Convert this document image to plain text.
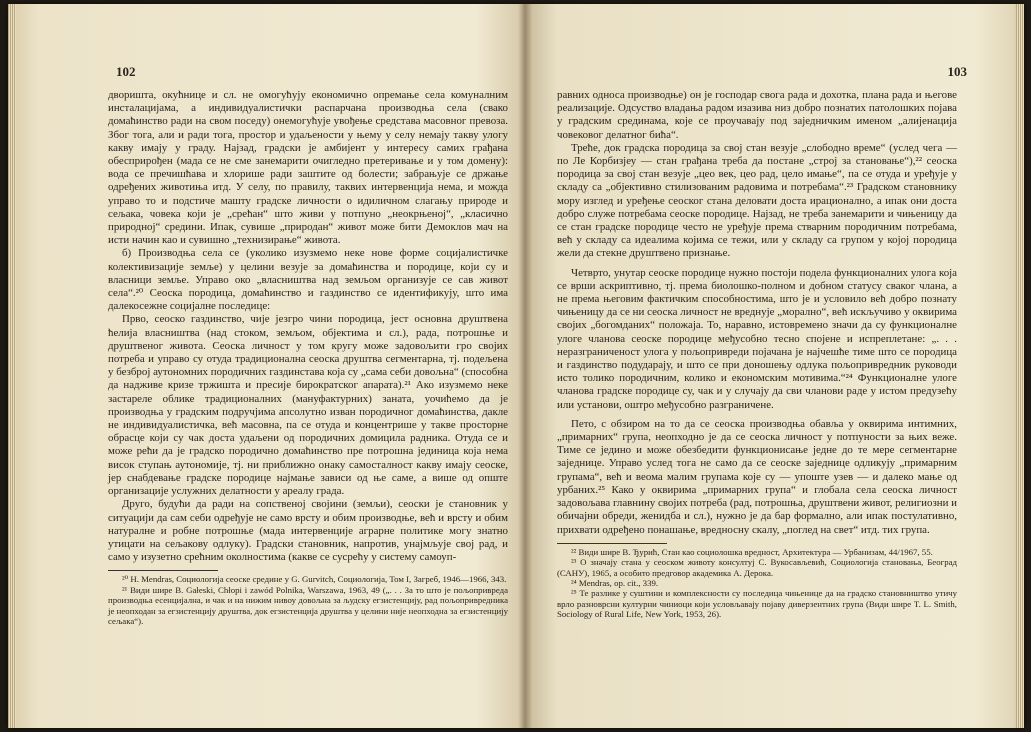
102

дворишта, окућнице и сл. не омогућују економично опремање села комуналним инсталацијама, а индивидуалистички распарчана производња села (свако домаћинство ради на свом поседу) онемогућује увођење средстава масовног превоза. Због тога, али и ради тога, простор и удаљености у њему у селу немају такву улогу какву имају у граду. Најзад, градски је амбијент у интересу самих грађана обесприрођен (мада се не сме занемарити очигледно претеривање и у том домену): вода се пречишћава и хлорише ради заштите од болести; забрањује се држање одређених животиња итд. У селу, по правилу, таквих интервенција нема, и можда управо то и подстиче машту градске личности о идиличном слагању природе и сељака, човека који је „срећан“ што живи у потпуно „неокрњеној“, „класично природној“ средини. Ипак, сувише „природан“ живот може бити Демоклов мач на исти начин као и сувишно „технизирање“ живота.

б) Производња села се (уколико изузмемо неке нове форме социјалистичке колективизације земље) у целини везује за домаћинства и породице, који су и власници земље. Управо око „власништва над земљом организује се сав живот села“.²⁰ Сеоска породица, домаћинство и газдинство се идентификују, што има далекосежне социјалне последице:

Прво, сеоско газдинство, чије језгро чини породица, јест основна друштвена ћелија власништва (над стоком, земљом, објектима и сл.), рада, потрошње и друштвеног живота. Сеоска личност у том кругу може задовољити гро својих потреба и управо су отуда традиционална сеоска друштва сегментарна, тј. подељена у безброј аутономних породичних газдинстава која су „сама себи довољна“ (способна да надживе кризе тржишта и пресије бирократског апарата).²¹ Ако изузмемо неке застареле облике традиционалних (мануфактурних) заната, уочићемо да је производња у градским подручјима апсолутно изван породичног домаћинства, дакле не индивидуалистичка, већ масовна, па се отуда и концентрише у такве просторне обрасце који су чак доста удаљени од породичних домицила радника. Отуда се и може рећи да је градско породично домаћинство пре потрошна јединица која нема висок ступањ аутономије, тј. ни приближно онаку самосталност какву имају сеоске, јер снабдевање градске породице најмање зависи од ње саме, а више од опште организације услужних делатности у ареалу града.

Друго, будући да ради на сопственој својини (земљи), сеоски је становник у ситуацији да сам себи одређује не само врсту и обим производње, већ и врсту и обим натуралне и робне потрошње (мада интервенције аграрне политике могу знатно утицати на сељакову одлуку). Градски становник, напротив, унајмљује свој рад, и само у изузетно срећним околностима (какве се сусрећу у систему самоуп-

²⁰ H. Mendras, Социологија сеоске средине у G. Gurvitch, Социологија, Том I, Загреб, 1946—1966, 343.

²¹ Види шире B. Gałeski, Chłopi i zawód Polnika, Warszawa, 1963, 49 („. . . За то што је пољопривреда производња есенцијална, и чак и на нижим нивоу довољна за људску егзистенцију, рад пољопривредника је неопходан за егзистенцију друштва, док егзистенција друштва у целини није неопходна за егзистенцију сељака“).

103

равних односа производње) он је господар свога рада и дохотка, плана рада и његове реализације. Одсуство владања радом изазива низ добро познатих патолошких појава у градским срединама, које се проучавају под заједничким именом „алијенација човековог делатног бића“.

Треће, док градска породица за свој стан везује „слободно време“ (услед чега — по Ле Корбизјеу — стан грађана треба да постане „строј за становање“),²² сеоска породица за свој стан везује „цео век, цео рад, цело имање“, па се отуда и уређује у складу са „објективно стилизованим радовима и потребама“.²³ Градском становнику мору изглед и уређење сеоског стана деловати доста ирационално, а ипак они доста добро служе потребама сеоске породице. Најзад, не треба занемарити и чињеницу да се стан градске породице често не уређује према стварним породичним потребама, већ у складу са идеалима којима се тежи, или у складу са групом у којој породица жели да стекне друштвено признање.

Четврто, унутар сеоске породице нужно постоји подела функционалних улога која се врши аскриптивно, тј. према биолошко-полном и добном статусу сваког члана, а не према његовим фактичким способностима, што је и условило већ добро познату чињеницу да се ни сеоска личност не вреднује „морално“, већ искључиво у оквирима својих „богомданих“ положаја. То, наравно, истовремено значи да су функционалне улоге чланова сеоске породице међусобно тесно спојене и испреплетане: „. . . неразграниченост улога у пољопривреди појачана је најчешће тиме што се породица и газдинство подударају, и што се при доношењу одлука пољопривредник руководи исто толико породичним, колико и економским мотивима.“²⁴ Функционалне улоге чланова градске породице су, чак и у случају да сви чланови раде у истом предузећу или установи, оштро међусобно разграничене.

Пето, с обзиром на то да се сеоска производња обавља у оквирима интимних, „примарних“ група, неопходно је да се сеоска личност у потпуности за њих веже. Тиме се једино и може обезбедити функционисање једне до те мере сегментарне заједнице. Управо услед тога не само да се сеоске заједнице одликују „примарним групама“, већ и веома малим групама које су — упоште узев — и далеко мање од урбаних.²⁵ Како у оквирима „примарних група“ и глобала села сеоска личност задовољава главнину својих потреба (рад, потрошња, друштвени живот, религиозни и обичајни обреди, женидба и сл.), нужно је да бар формално, али ипак постулативно, прихвати одређено понашање, вредносну скалу, „поглед на свет“ итд. тих група.

²² Види шире В. Ђурић, Стан као социолошка вредност, Архитектура — Урбанизам, 44/1967, 55.

²³ О значају стана у сеоском животу консултуј С. Вукосављевић, Социологија становања, Београд (САНУ), 1965, а особито предговор академика А. Дерока.

²⁴ Mendras, op. cit., 339.

²⁵ Те разлике у суштини и комплексности су последица чињенице да на градско становништво утичу врло разноврсни културни чиниоци који условљавају појаву диверзентних група (Види шире T. L. Smith, Sociology of Rural Life, New York, 1953, 26).
